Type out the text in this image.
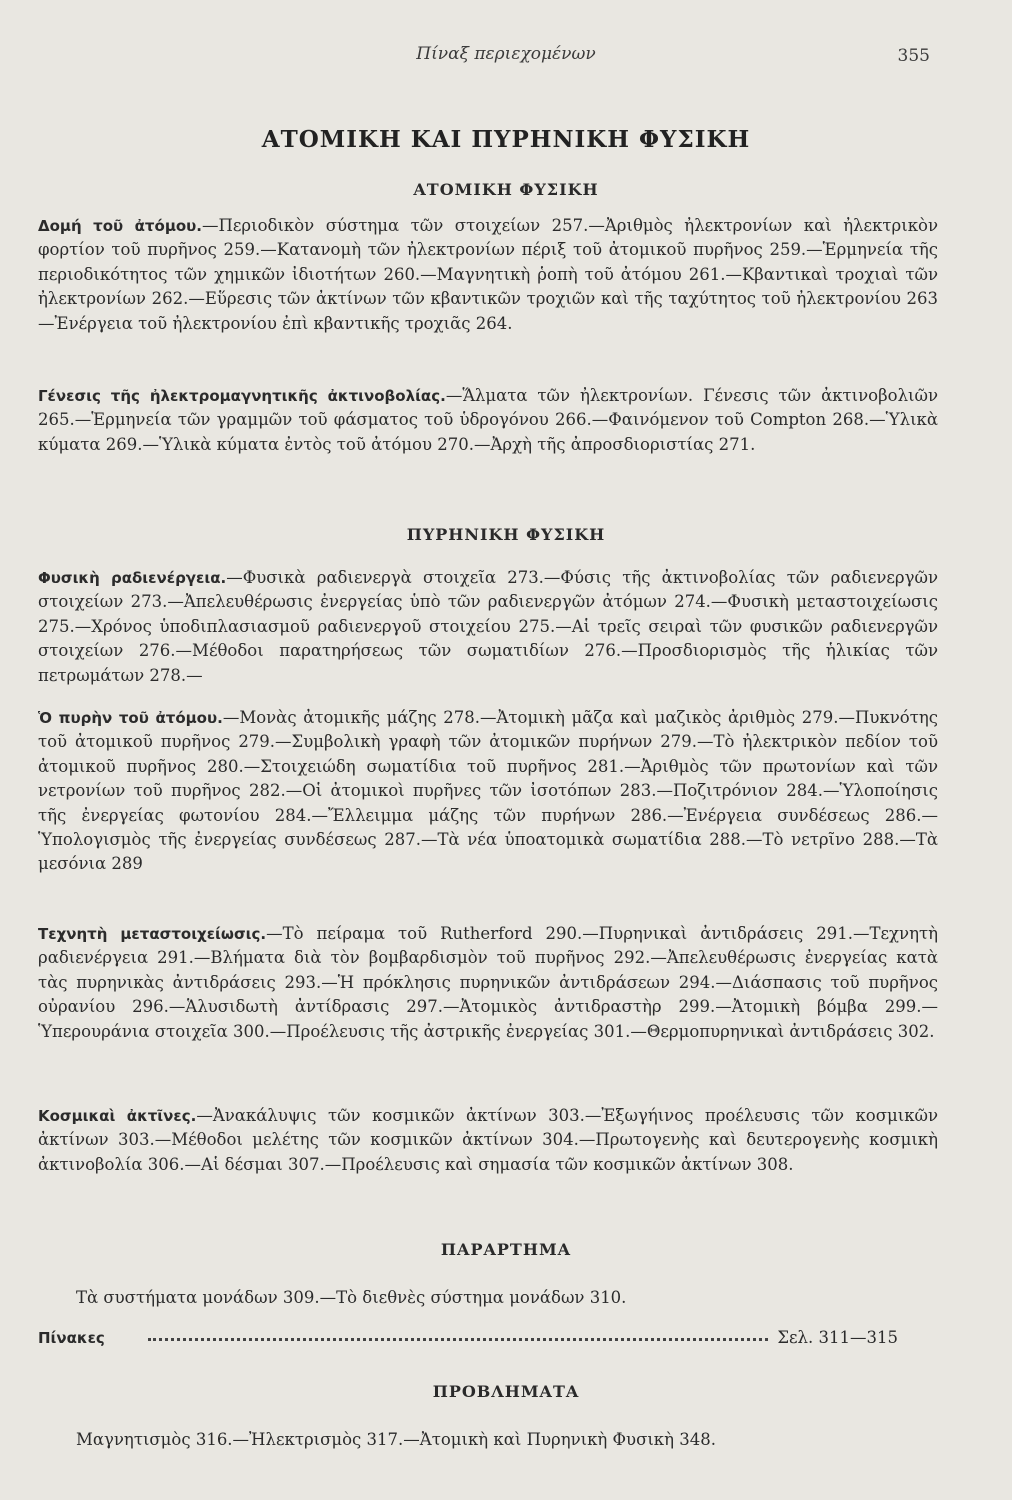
Πίναξ περιεχομένων	355
ΑΤΟΜΙΚΗ ΚΑΙ ΠΥΡΗΝΙΚΗ ΦΥΣΙΚΗ
ΑΤΟΜΙΚΗ ΦΥΣΙΚΗ

Δομή τοῦ ἀτόμου.—Περιοδικὸν σύστημα τῶν στοιχείων 257.—Ἀριθμὸς ἠλεκτρονίων καὶ ἠλεκτρικὸν φορτίον τοῦ πυρῆνος 259.—Κατανομὴ τῶν ἠλεκτρονίων πέριξ τοῦ ἀτομικοῦ πυρῆνος 259.—Ἑρμηνεία τῆς περιοδικότητος τῶν χημικῶν ἰδιοτήτων 260.—Μαγνητικὴ ῥοπὴ τοῦ ἀτόμου 261.—Κβαντικαὶ τροχιαὶ τῶν ἠλεκτρονίων 262.—Εὕρεσις τῶν ἀκτίνων τῶν κβαντικῶν τροχιῶν καὶ τῆς ταχύτητος τοῦ ἠλεκτρονίου 263 —Ἐνέργεια τοῦ ἠλεκτρονίου ἐπὶ κβαντικῆς τροχιᾶς 264.

Γένεσις τῆς ἠλεκτρομαγνητικῆς ἀκτινοβολίας.—Ἅλματα τῶν ἠλεκτρονίων. Γένεσις τῶν ἀκτινοβολιῶν 265.—Ἑρμηνεία τῶν γραμμῶν τοῦ φάσματος τοῦ ὑδρογόνου 266.—Φαινόμενον τοῦ Compton 268.—Ὑλικὰ κύματα 269.—Ὑλικὰ κύματα ἐντὸς τοῦ ἀτόμου 270.—Ἀρχὴ τῆς ἀπροσδιοριστίας 271.

ΠΥΡΗΝΙΚΗ ΦΥΣΙΚΗ

Φυσικὴ ραδιενέργεια.—Φυσικὰ ραδιενεργὰ στοιχεῖα 273.—Φύσις τῆς ἀκτινοβολίας τῶν ραδιενεργῶν στοιχείων 273.—Ἀπελευθέρωσις ἐνεργείας ὑπὸ τῶν ραδιενεργῶν ἀτόμων 274.—Φυσικὴ μεταστοιχείωσις 275.—Χρόνος ὑποδιπλασιασμοῦ ραδιενεργοῦ στοιχείου 275.—Αἱ τρεῖς σειραὶ τῶν φυσικῶν ραδιενεργῶν στοιχείων 276.—Μέθοδοι παρατηρήσεως τῶν σωματιδίων 276.—Προσδιορισμὸς τῆς ἡλικίας τῶν πετρωμάτων 278.—

Ὁ πυρὴν τοῦ ἀτόμου.—Μονὰς ἀτομικῆς μάζης 278.—Ἀτομικὴ μᾶζα καὶ μαζικὸς ἀριθμὸς 279.—Πυκνότης τοῦ ἀτομικοῦ πυρῆνος 279.—Συμβολικὴ γραφὴ τῶν ἀτομικῶν πυρήνων 279.—Τὸ ἠλεκτρικὸν πεδίον τοῦ ἀτομικοῦ πυρῆνος 280.—Στοιχειώδη σωματίδια τοῦ πυρῆνος 281.—Ἀριθμὸς τῶν πρωτονίων καὶ τῶν νετρονίων τοῦ πυρῆνος 282.—Οἱ ἀτομικοὶ πυρῆνες τῶν ἰσοτόπων 283.—Ποζιτρόνιον 284.—Ὑλοποίησις τῆς ἐνεργείας φωτονίου 284.—Ἔλλειμμα μάζης τῶν πυρήνων 286.—Ἐνέργεια συνδέσεως 286.—Ὑπολογισμὸς τῆς ἐνεργείας συνδέσεως 287.—Τὰ νέα ὑποατομικὰ σωματίδια 288.—Τὸ νετρῖνο 288.—Τὰ μεσόνια 289

Τεχνητὴ μεταστοιχείωσις.—Τὸ πείραμα τοῦ Rutherford 290.—Πυρηνικαὶ ἀντιδράσεις 291.—Τεχνητὴ ραδιενέργεια 291.—Βλήματα διὰ τὸν βομβαρδισμὸν τοῦ πυρῆνος 292.—Ἀπελευθέρωσις ἐνεργείας κατὰ τὰς πυρηνικὰς ἀντιδράσεις 293.—Ἡ πρόκλησις πυρηνικῶν ἀντιδράσεων 294.—Διάσπασις τοῦ πυρῆνος οὐρανίου 296.—Ἁλυσιδωτὴ ἀντίδρασις 297.—Ἀτομικὸς ἀντιδραστὴρ 299.—Ἀτομικὴ βόμβα 299.—Ὑπερουράνια στοιχεῖα 300.—Προέλευσις τῆς ἀστρικῆς ἐνεργείας 301.—Θερμοπυρηνικαὶ ἀντιδράσεις 302.

Κοσμικαὶ ἀκτῖνες.—Ἀνακάλυψις τῶν κοσμικῶν ἀκτίνων 303.—Ἐξωγήινος προέλευσις τῶν κοσμικῶν ἀκτίνων 303.—Μέθοδοι μελέτης τῶν κοσμικῶν ἀκτίνων 304.—Πρωτογενὴς καὶ δευτερογενὴς κοσμικὴ ἀκτινοβολία 306.—Αἱ δέσμαι 307.—Προέλευσις καὶ σημασία τῶν κοσμικῶν ἀκτίνων 308.

ΠΑΡΑΡΤΗΜΑ
Τὰ συστήματα μονάδων 309.—Τὸ διεθνὲς σύστημα μονάδων 310.
Πίνακες	Σελ. 311—315
ΠΡΟΒΛΗΜΑΤΑ
Μαγνητισμὸς 316.—Ἠλεκτρισμὸς 317.—Ἀτομικὴ καὶ Πυρηνικὴ Φυσικὴ 348.
